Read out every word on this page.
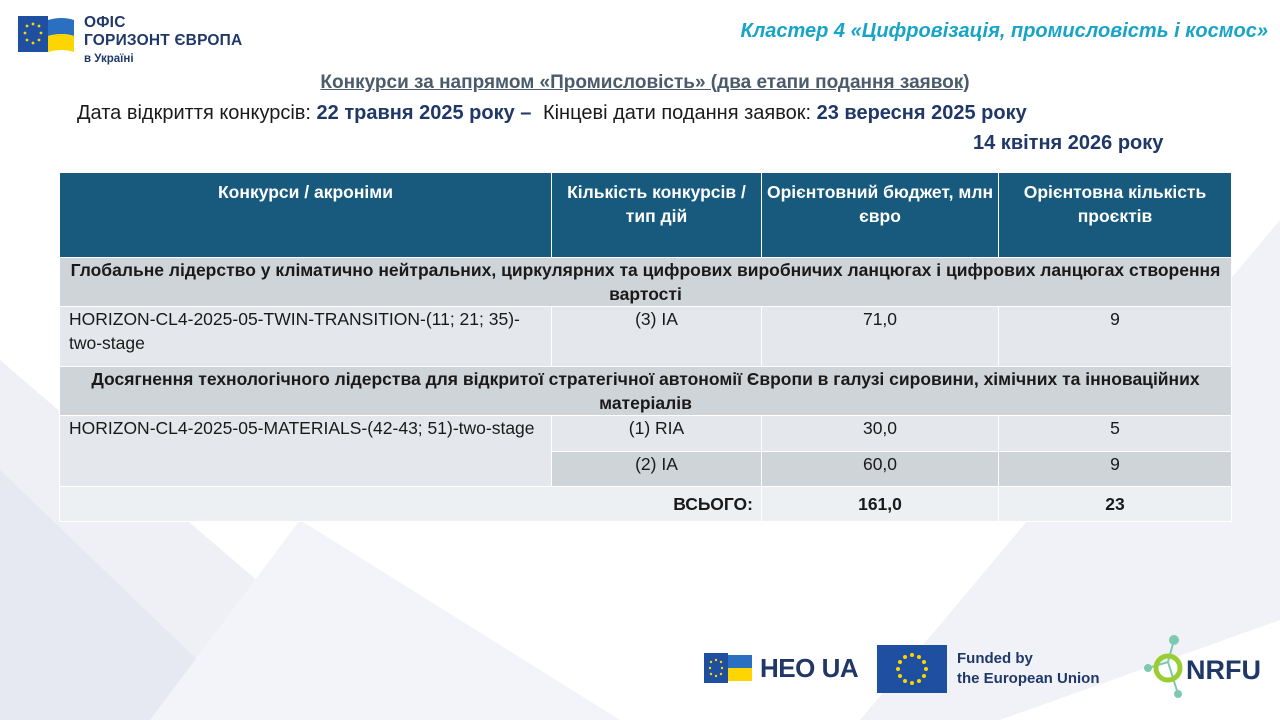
ОФІС
ГОРИЗОНТ ЄВРОПА
в Україні
Кластер 4 «Цифровізація, промисловість і космос»
Конкурси за напрямом «Промисловість» (два етапи подання заявок)
Дата відкриття конкурсів: 22 травня 2025 року – Кінцеві дати подання заявок: 23 вересня 2025 року
14 квітня 2026 року
Конкурси / акроніми	Кількість конкурсів / тип дій	Орієнтовний бюджет, млн євро	Орієнтовна кількість проєктів
Глобальне лідерство у кліматично нейтральних, циркулярних та цифрових виробничих ланцюгах і цифрових ланцюгах створення вартості			
HORIZON-CL4-2025-05-TWIN-TRANSITION-(11; 21; 35)-two-stage	(3) IA	71,0	9
Досягнення технологічного лідерства для відкритої стратегічної автономії Європи в галузі сировини, хімічних та інноваційних матеріалів			
HORIZON-CL4-2025-05-MATERIALS-(42-43; 51)-two-stage	(1) RIA	30,0	5
	(2) IA	60,0	9
ВСЬОГО:		161,0	23
HEO UA	Funded by
the European Union	NRFU
